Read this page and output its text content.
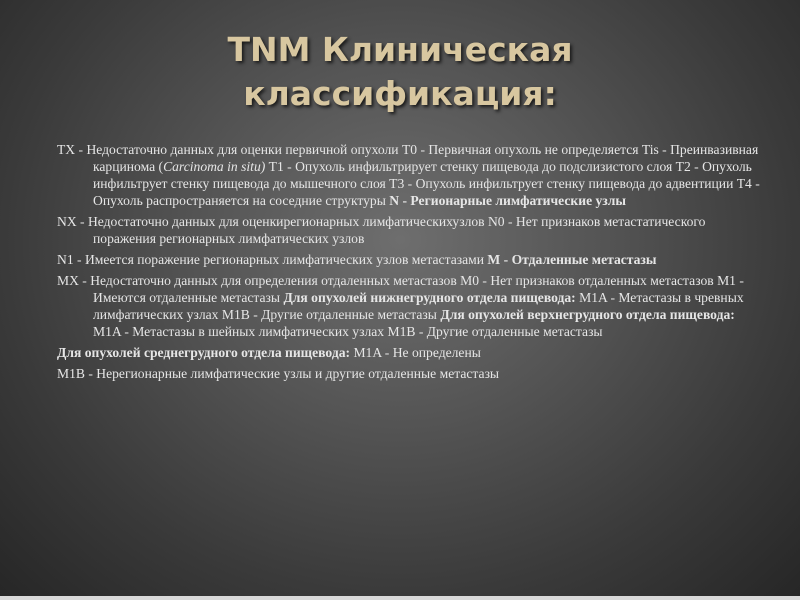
TNM Клиническая
классификация:

TX - Недостаточно данных для оценки первичной опухоли T0 - Первичная опухоль не определяется Tis - Преинвазивная карцинома (Carcinoma in situ) T1 - Опухоль инфильтрирует стенку пищевода до подслизистого слоя T2 - Опухоль инфильтрует стенку пищевода до мышечного слоя T3 - Опухоль инфильтрует стенку пищевода до адвентиции T4 - Опухоль распространяется на соседние структуры N - Регионарные лимфатические узлы

NX - Недостаточно данных для оценкирегионарных лимфатическихузлов N0 - Нет признаков метастатического поражения регионарных лимфатических узлов

N1 - Имеется поражение регионарных лимфатических узлов метастазами M - Отдаленные метастазы

MX - Недостаточно данных для определения отдаленных метастазов M0 - Нет признаков отдаленных метастазов M1 - Имеются отдаленные метастазы Для опухолей нижнегрудного отдела пищевода: M1A - Метастазы в чревных лимфатических узлах M1B - Другие отдаленные метастазы Для опухолей верхнегрудного отдела пищевода: M1A - Метастазы в шейных лимфатических узлах M1B - Другие отдаленные метастазы

Для опухолей среднегрудного отдела пищевода: M1A - Не определены

M1B - Нерегионарные лимфатические узлы и другие отдаленные метастазы
